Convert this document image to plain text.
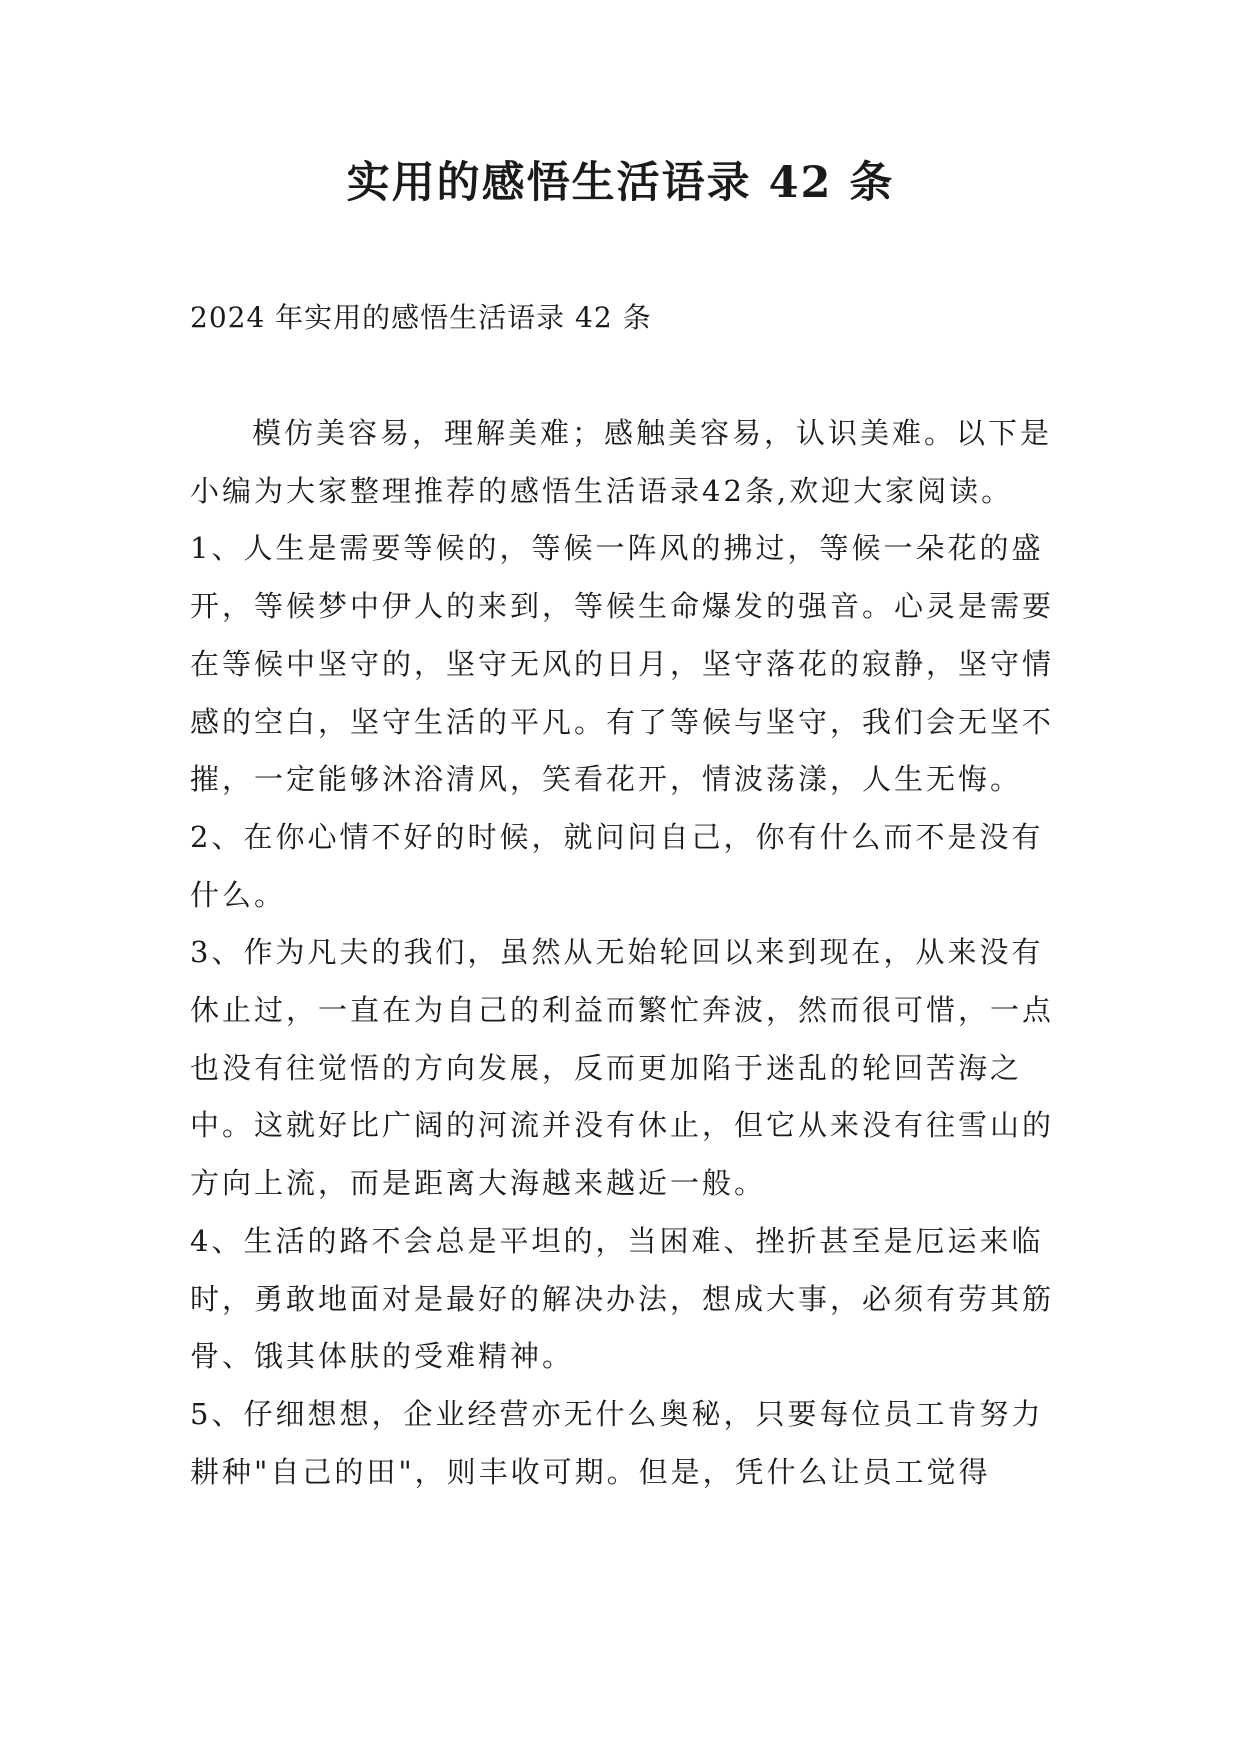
实用的感悟生活语录 42 条

2024 年实用的感悟生活语录 42 条

模仿美容易，理解美难；感触美容易，认识美难。以下是小编为大家整理推荐的感悟生活语录42条,欢迎大家阅读。

1、人生是需要等候的，等候一阵风的拂过，等候一朵花的盛开，等候梦中伊人的来到，等候生命爆发的强音。心灵是需要在等候中坚守的，坚守无风的日月，坚守落花的寂静，坚守情感的空白，坚守生活的平凡。有了等候与坚守，我们会无坚不摧，一定能够沐浴清风，笑看花开，情波荡漾，人生无悔。

2、在你心情不好的时候，就问问自己，你有什么而不是没有什么。

3、作为凡夫的我们，虽然从无始轮回以来到现在，从来没有休止过，一直在为自己的利益而繁忙奔波，然而很可惜，一点也没有往觉悟的方向发展，反而更加陷于迷乱的轮回苦海之中。这就好比广阔的河流并没有休止，但它从来没有往雪山的方向上流，而是距离大海越来越近一般。

4、生活的路不会总是平坦的，当困难、挫折甚至是厄运来临时，勇敢地面对是最好的解决办法，想成大事，必须有劳其筋骨、饿其体肤的受难精神。

5、仔细想想，企业经营亦无什么奥秘，只要每位员工肯努力耕种"自己的田"，则丰收可期。但是，凭什么让员工觉得
